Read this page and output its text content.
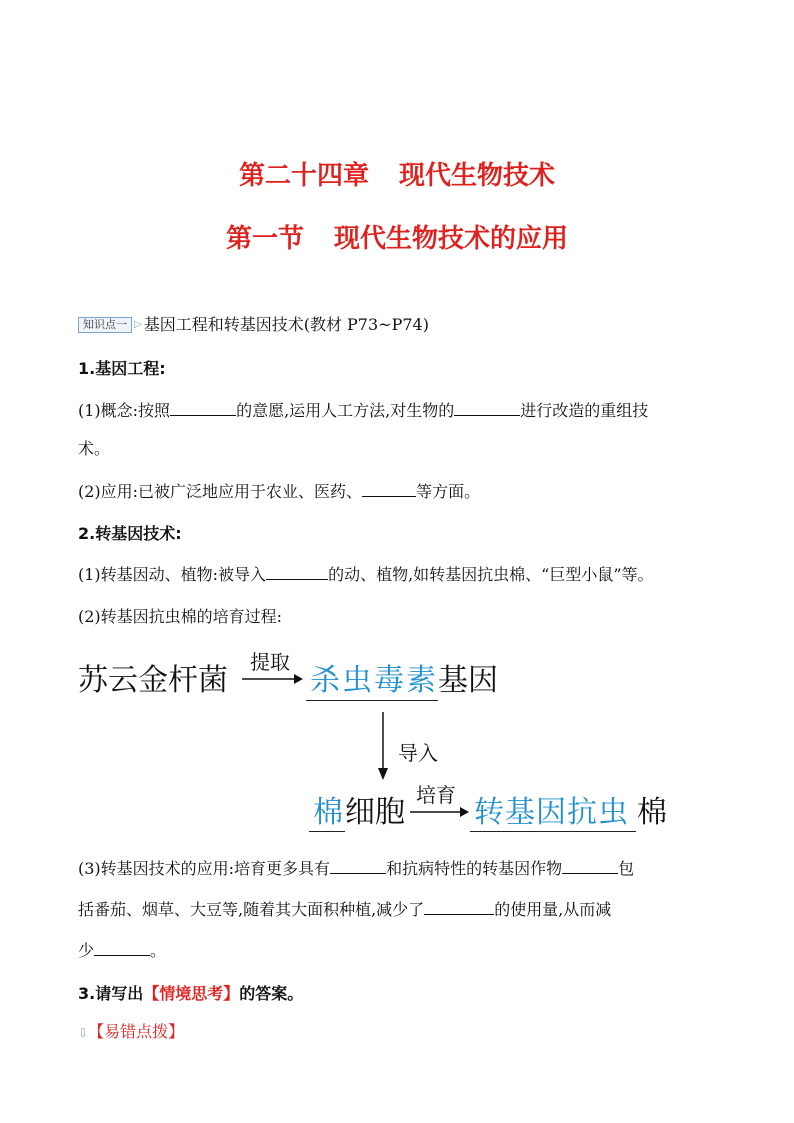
第二十四章 现代生物技术
第一节 现代生物技术的应用
知识点一 ▷ 基因工程和转基因技术(教材 P73~P74)
1.基因工程:
(1)概念:按照	的意愿,运用人工方法,对生物的	进行改造的重组技
术。
(2)应用:已被广泛地应用于农业、医药、	等方面。
2.转基因技术:
(1)转基因动、植物:被导入	的动、植物,如转基因抗虫棉、“巨型小鼠”等。
(2)转基因抗虫棉的培育过程:
苏云金杆菌
提取
杀虫毒素 基因
导入
棉 细胞 培育 转基因抗虫 棉
(3)转基因技术的应用:培育更多具有	和抗病特性的转基因作物	包
括番茄、烟草、大豆等,随着其大面积种植,减少了	的使用量,从而减
少	。
3.请写出【情境思考】的答案。
⇩【易错点拨】
